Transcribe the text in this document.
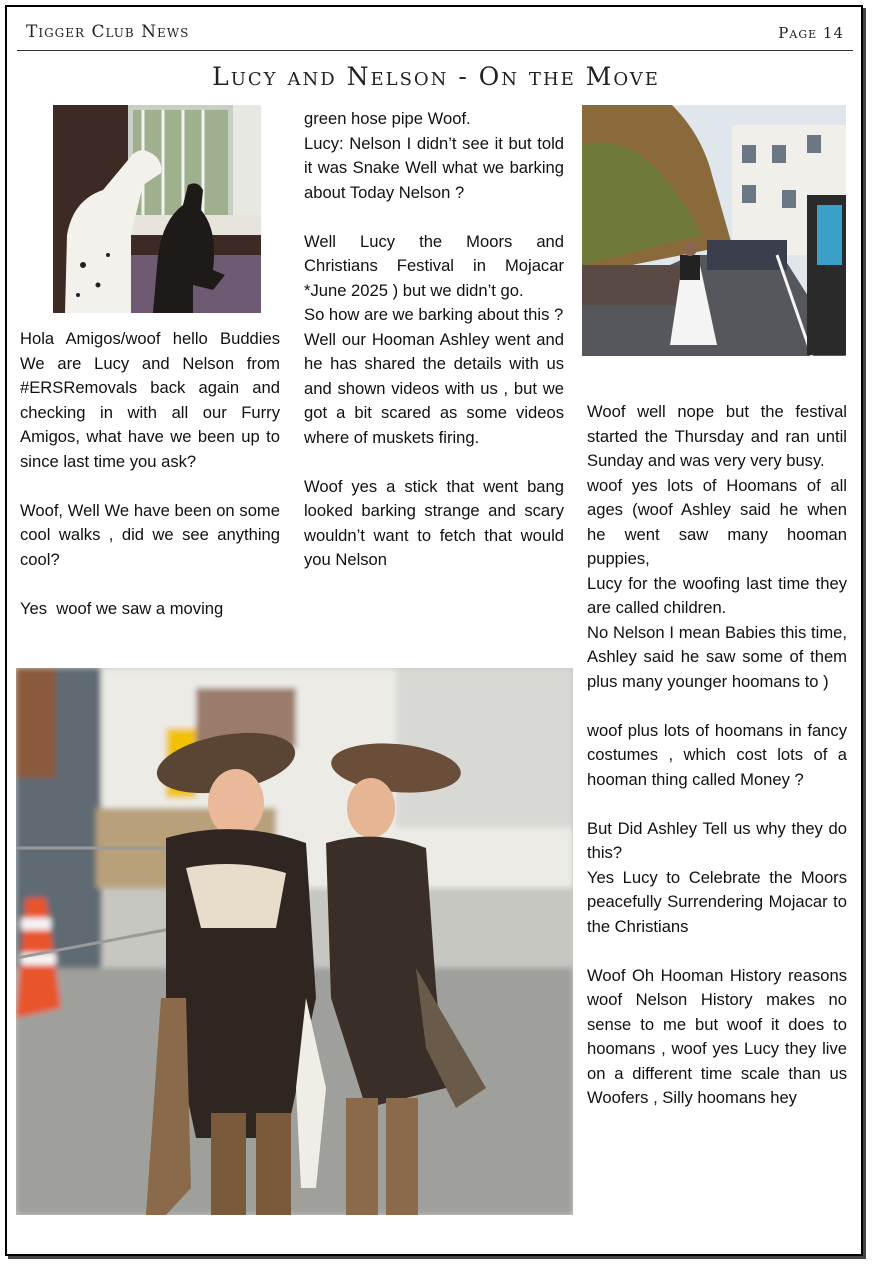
Tigger Club News	Page 14
Lucy and Nelson - On the Move

Hola Amigos/woof hello Buddies We are Lucy and Nelson from #ERSRemovals back again and checking in with all our Furry Amigos, what have we been up to since last time you ask?

Woof, Well We have been on some cool walks , did we see anything cool?

Yes  woof we saw a moving

green hose pipe Woof.

Lucy: Nelson I didn’t see it but told it was Snake Well what we barking about Today Nelson ?

Well Lucy the Moors and Christians Festival in Mojacar *June 2025 ) but we didn’t go.

So how are we barking about this ?

Well our Hooman Ashley went and he has shared the details with us and shown videos with us , but we got a bit scared as some videos where of muskets firing.

Woof yes a stick that went bang looked barking strange and scary wouldn’t want to fetch that would you Nelson

Woof well nope but the festival started the Thursday and ran until Sunday and was very very busy.

woof yes lots of Hoomans of all ages (woof Ashley said he when he went saw many hooman puppies,

Lucy for the woofing last time they are called children.

No Nelson I mean Babies this time, Ashley said he saw some of them plus many younger hoomans to )

woof plus lots of hoomans in fancy costumes , which cost lots of a hooman thing called Money ?

But Did Ashley Tell us why they do this?

Yes Lucy to Celebrate the Moors peacefully Surrendering Mojacar to the Christians

Woof Oh Hooman History reasons woof Nelson History makes no sense to me but woof it does to hoomans , woof yes Lucy they live on a different time scale than us Woofers , Silly hoomans hey
